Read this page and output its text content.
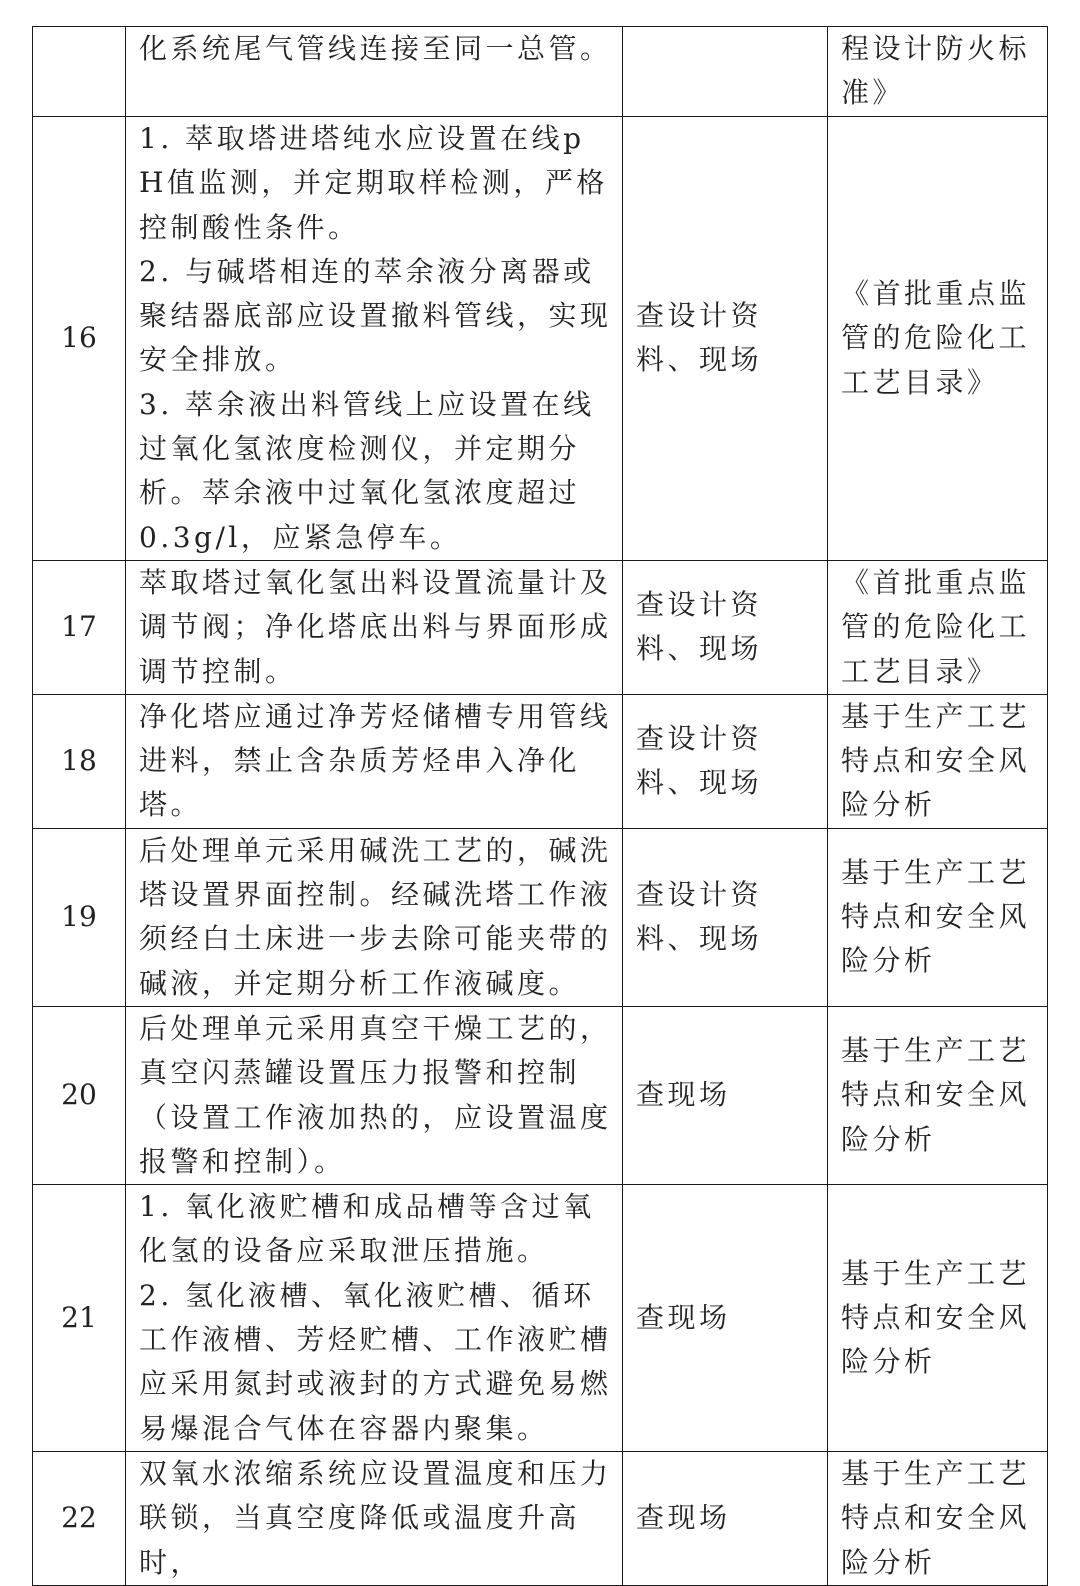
	化系统尾气管线连接至同一总管。		程设计防火标准》
16	1. 萃取塔进塔纯水应设置在线pH值监测，并定期取样检测，严格控制酸性条件。

2. 与碱塔相连的萃余液分离器或聚结器底部应设置撤料管线，实现安全排放。

3. 萃余液出料管线上应设置在线过氧化氢浓度检测仪，并定期分析。萃余液中过氧化氢浓度超过0.3g/l，应紧急停车。	查设计资料、现场	《首批重点监管的危险化工工艺目录》
17	萃取塔过氧化氢出料设置流量计及调节阀；净化塔底出料与界面形成调节控制。	查设计资料、现场	《首批重点监管的危险化工工艺目录》
18	净化塔应通过净芳烃储槽专用管线进料，禁止含杂质芳烃串入净化塔。	查设计资料、现场	基于生产工艺特点和安全风险分析
19	后处理单元采用碱洗工艺的，碱洗塔设置界面控制。经碱洗塔工作液须经白土床进一步去除可能夹带的碱液，并定期分析工作液碱度。	查设计资料、现场	基于生产工艺特点和安全风险分析
20	后处理单元采用真空干燥工艺的，真空闪蒸罐设置压力报警和控制（设置工作液加热的，应设置温度报警和控制）。	查现场	基于生产工艺特点和安全风险分析
21	1. 氧化液贮槽和成品槽等含过氧化氢的设备应采取泄压措施。

2. 氢化液槽、氧化液贮槽、循环工作液槽、芳烃贮槽、工作液贮槽应采用氮封或液封的方式避免易燃易爆混合气体在容器内聚集。	查现场	基于生产工艺特点和安全风险分析
22	双氧水浓缩系统应设置温度和压力联锁，当真空度降低或温度升高时，	查现场	基于生产工艺特点和安全风险分析
